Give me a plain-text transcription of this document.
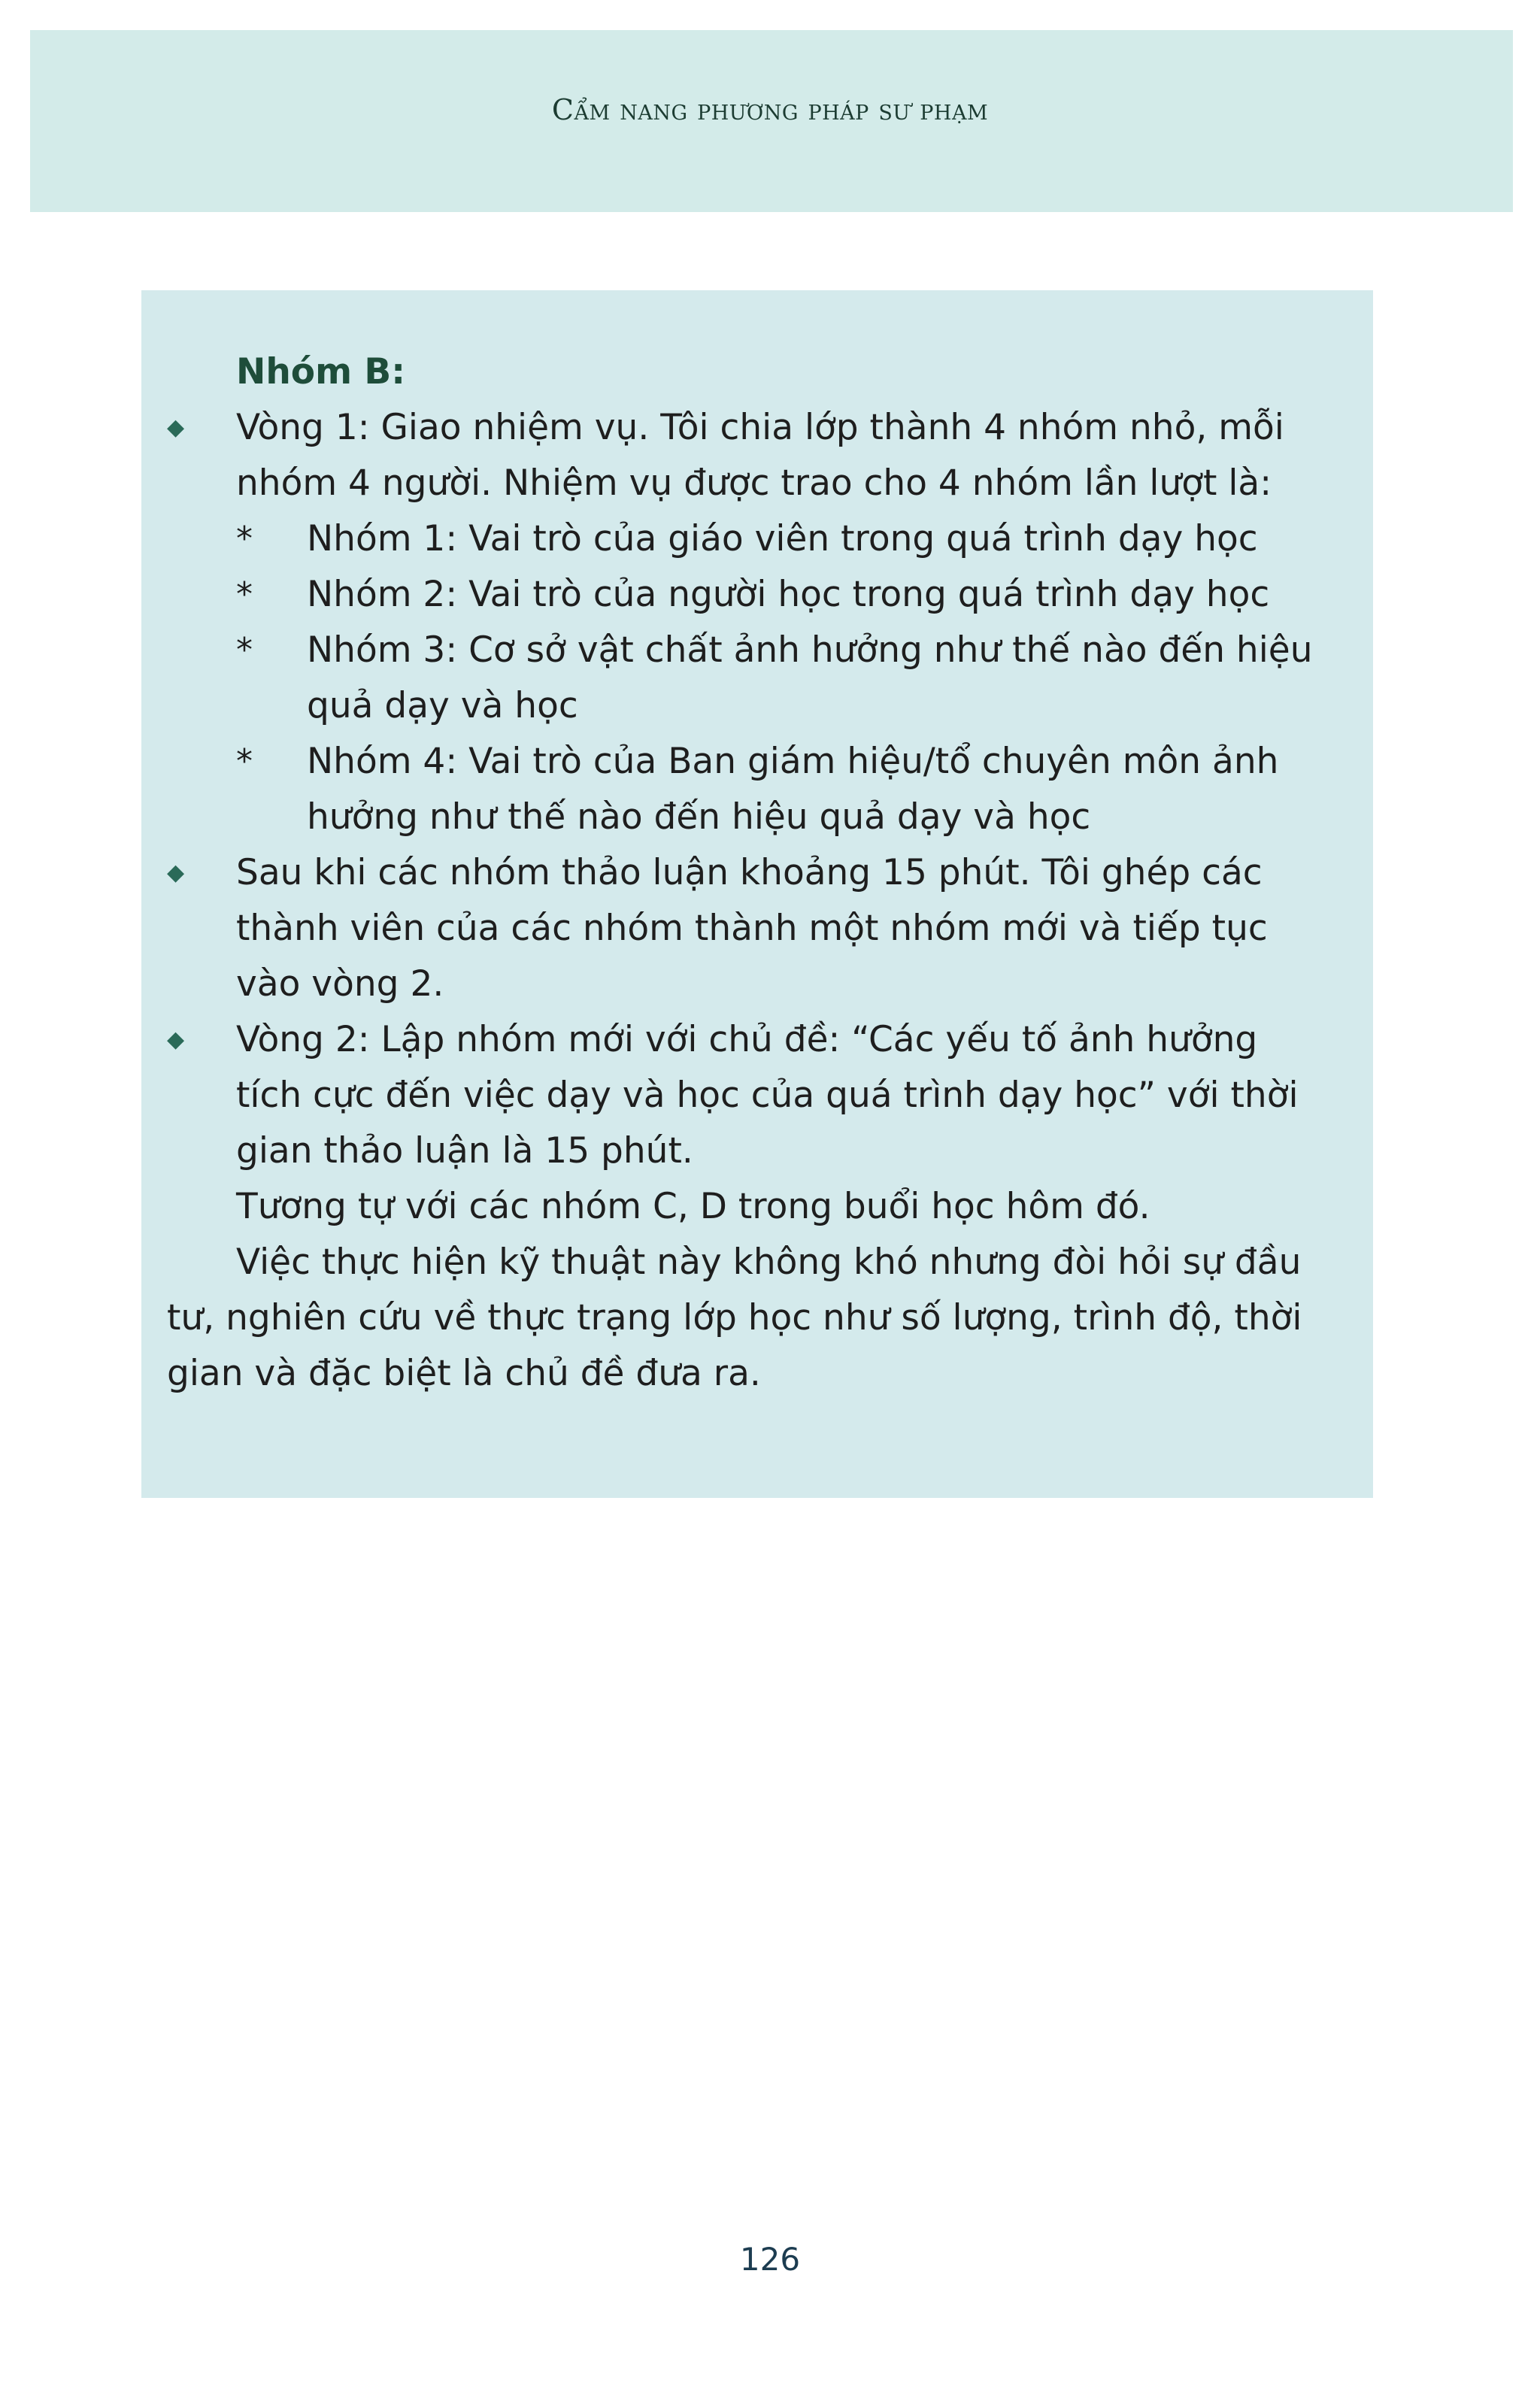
Cẩm nang phương pháp sư phạm
Nhóm B:
Vòng 1: Giao nhiệm vụ. Tôi chia lớp thành 4 nhóm nhỏ, mỗi
nhóm 4 người. Nhiệm vụ được trao cho 4 nhóm lần lượt là:
* Nhóm 1: Vai trò của giáo viên trong quá trình dạy học
* Nhóm 2: Vai trò của người học trong quá trình dạy học
* Nhóm 3: Cơ sở vật chất ảnh hưởng như thế nào đến hiệu
quả dạy và học
* Nhóm 4: Vai trò của Ban giám hiệu/tổ chuyên môn ảnh
hưởng như thế nào đến hiệu quả dạy và học
Sau khi các nhóm thảo luận khoảng 15 phút. Tôi ghép các
thành viên của các nhóm thành một nhóm mới và tiếp tục
vào vòng 2.
Vòng 2: Lập nhóm mới với chủ đề: “Các yếu tố ảnh hưởng
tích cực đến việc dạy và học của quá trình dạy học” với thời
gian thảo luận là 15 phút.
Tương tự với các nhóm C, D trong buổi học hôm đó.
Việc thực hiện kỹ thuật này không khó nhưng đòi hỏi sự đầu
tư, nghiên cứu về thực trạng lớp học như số lượng, trình độ, thời
gian và đặc biệt là chủ đề đưa ra.
126
